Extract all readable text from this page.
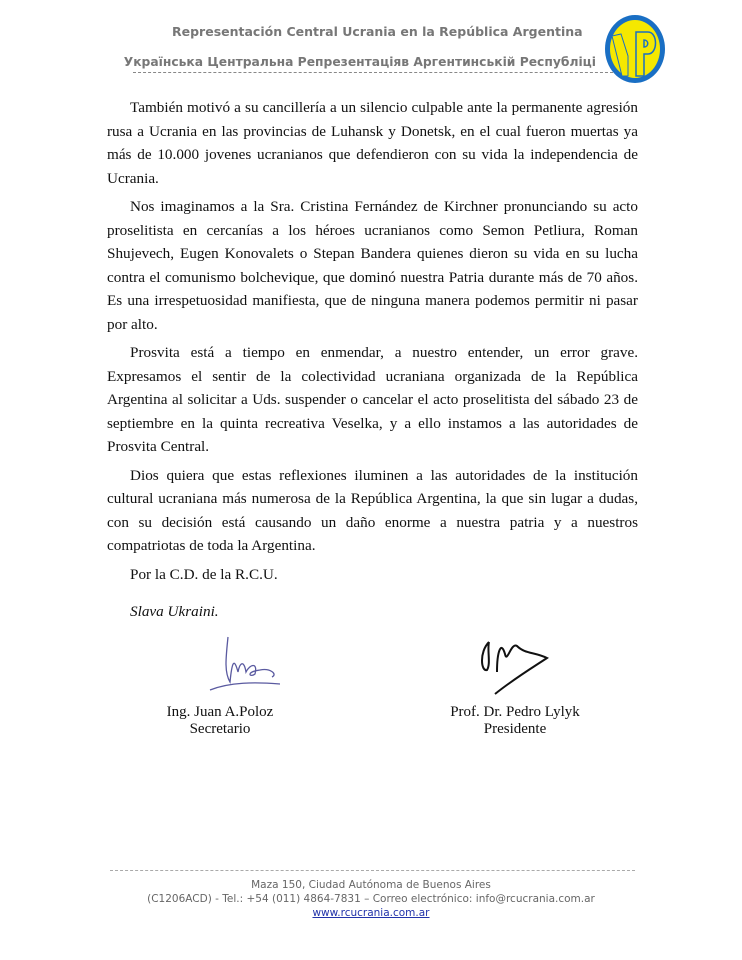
Representación Central Ucrania en la República Argentina
Українська Центральна Репрезентаціяв Аргентинській Республіці

También motivó a su cancillería a un silencio culpable ante la permanente agresión rusa a Ucrania en las provincias de Luhansk y Donetsk, en el cual fueron muertas ya más de 10.000 jovenes ucranianos que defendieron con su vida la independencia de Ucrania.

Nos imaginamos a la Sra. Cristina Fernández de Kirchner pronunciando su acto proselitista en cercanías a los héroes ucranianos como Semon Petliura, Roman Shujevech, Eugen Konovalets o Stepan Bandera quienes dieron su vida en su lucha contra el comunismo bolchevique, que dominó nuestra Patria durante más de 70 años. Es una irrespetuosidad manifiesta, que de ninguna manera podemos permitir ni pasar por alto.

Prosvita está a tiempo en enmendar, a nuestro entender, un error grave. Expresamos el sentir de la colectividad ucraniana organizada de la República Argentina al solicitar a Uds. suspender o cancelar el acto proselitista del sábado 23 de septiembre en la quinta recreativa Veselka, y a ello instamos a las autoridades de Prosvita Central.

Dios quiera que estas reflexiones iluminen a las autoridades de la institución cultural ucraniana más numerosa de la República Argentina, la que sin lugar a dudas, con su decisión está causando un daño enorme a nuestra patria y a nuestros compatriotas de toda la Argentina.

Por la C.D. de la R.C.U.

Slava Ukraini.
Ing. Juan A.Poloz
Secretario
Prof. Dr. Pedro Lylyk
Presidente
Maza 150, Ciudad Autónoma de Buenos Aires
(C1206ACD) - Tel.: +54 (011) 4864-7831 – Correo electrónico: info@rcucrania.com.ar
www.rcucrania.com.ar
